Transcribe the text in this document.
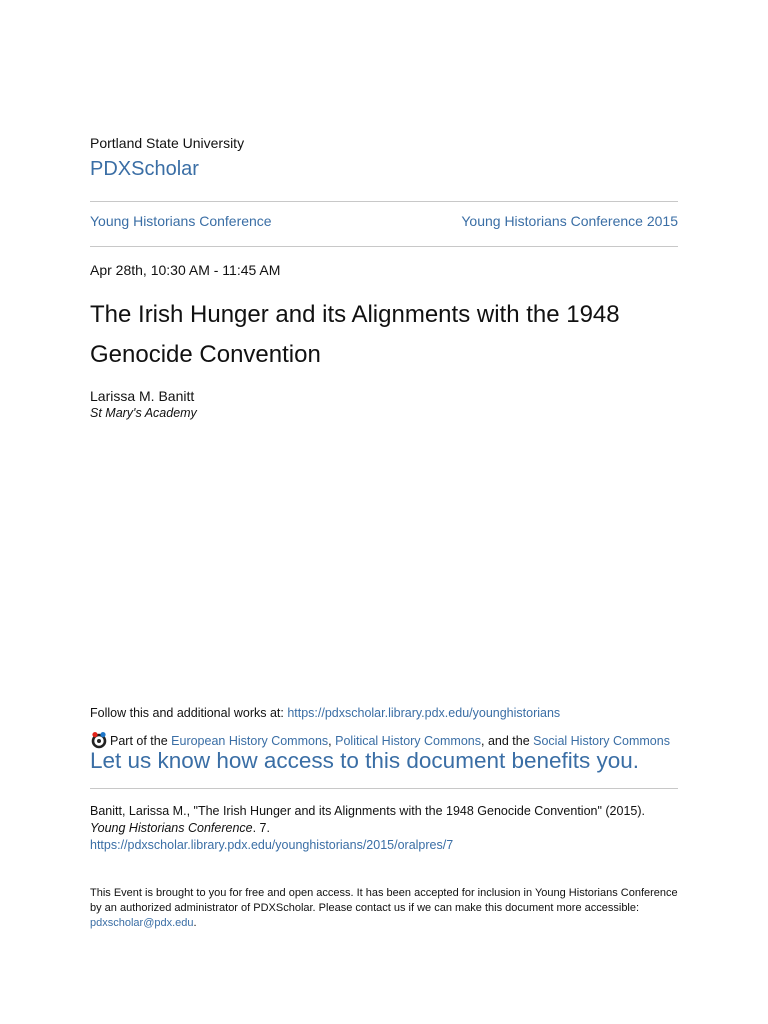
Portland State University
PDXScholar
Young Historians Conference	Young Historians Conference 2015
Apr 28th, 10:30 AM - 11:45 AM
The Irish Hunger and its Alignments with the 1948 Genocide Convention
Larissa M. Banitt
St Mary's Academy
Follow this and additional works at: https://pdxscholar.library.pdx.edu/younghistorians
Part of the European History Commons, Political History Commons, and the Social History Commons
Let us know how access to this document benefits you.
Banitt, Larissa M., "The Irish Hunger and its Alignments with the 1948 Genocide Convention" (2015).
Young Historians Conference. 7.
https://pdxscholar.library.pdx.edu/younghistorians/2015/oralpres/7
This Event is brought to you for free and open access. It has been accepted for inclusion in Young Historians Conference by an authorized administrator of PDXScholar. Please contact us if we can make this document more accessible: pdxscholar@pdx.edu.
